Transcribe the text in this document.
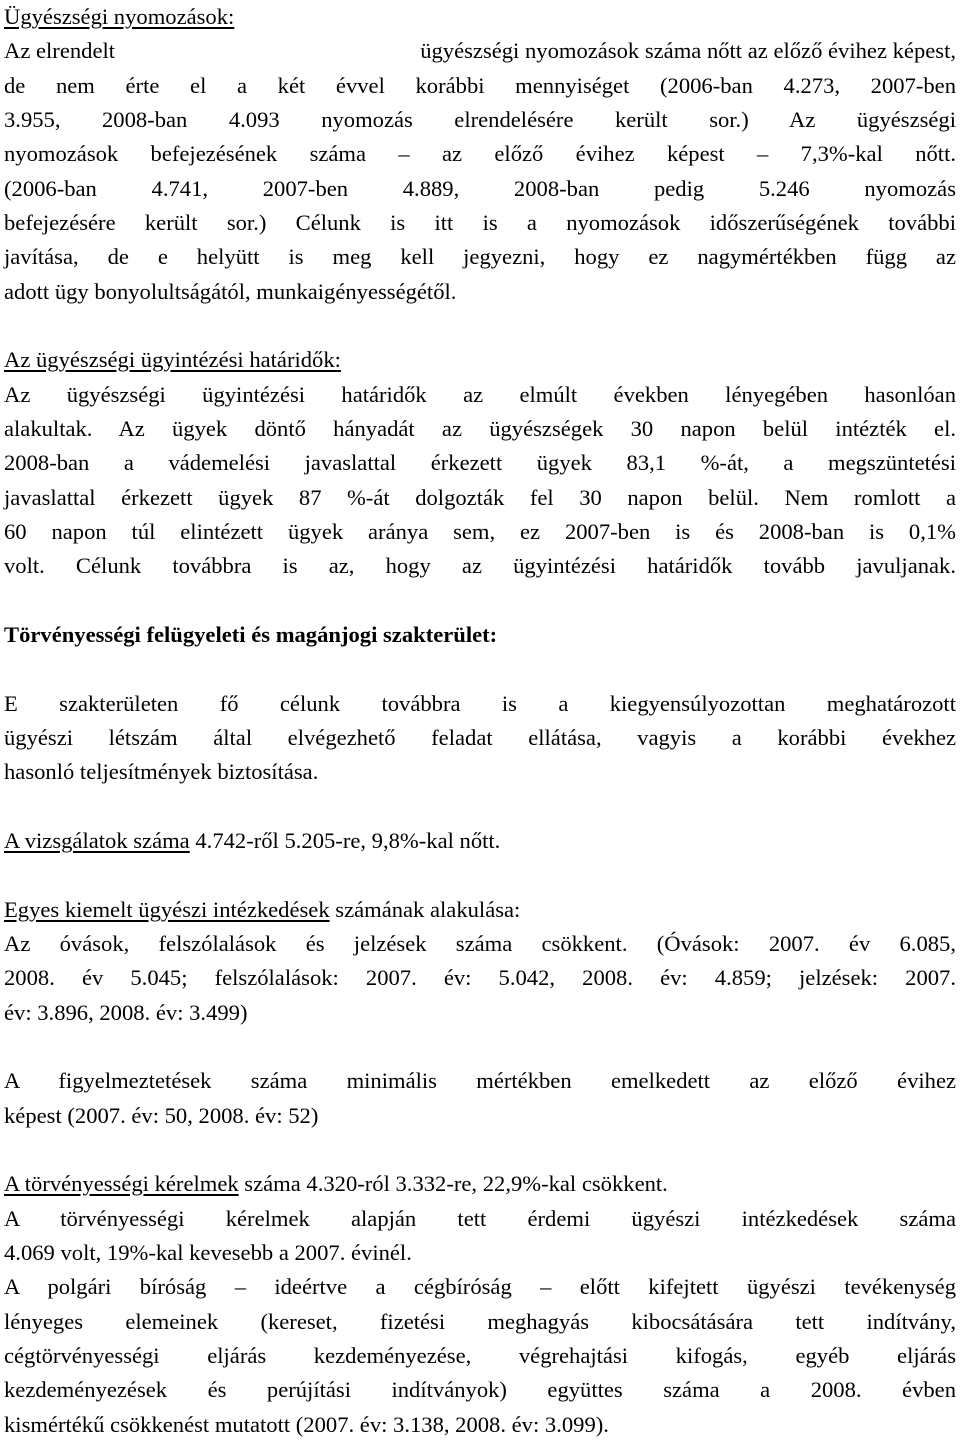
Ügyészségi nyomozások:
Az elrendelt	ügyészségi nyomozások száma nőtt az előző évihez képest,
de nem érte el a két évvel korábbi mennyiséget (2006-ban 4.273, 2007-ben
3.955, 2008-ban 4.093 nyomozás elrendelésére került sor.) Az ügyészségi
nyomozások befejezésének száma – az előző évihez képest – 7,3%-kal nőtt.
(2006-ban 4.741, 2007-ben 4.889, 2008-ban pedig 5.246 nyomozás
befejezésére került sor.) Célunk is itt is a nyomozások időszerűségének további
javítása, de e helyütt is meg kell jegyezni, hogy ez nagymértékben függ az
adott ügy bonyolultságától, munkaigényességétől.
Az ügyészségi ügyintézési határidők:
Az ügyészségi ügyintézési határidők az elmúlt években lényegében hasonlóan
alakultak. Az ügyek döntő hányadát az ügyészségek 30 napon belül intézték el.
2008-ban a vádemelési javaslattal érkezett ügyek 83,1 %-át, a megszüntetési
javaslattal érkezett ügyek 87 %-át dolgozták fel 30 napon belül. Nem romlott a
60 napon túl elintézett ügyek aránya sem, ez 2007-ben is és 2008-ban is 0,1%
volt. Célunk továbbra is az, hogy az ügyintézési határidők tovább javuljanak.
Törvényességi felügyeleti és magánjogi szakterület:
E szakterületen fő célunk továbbra is a kiegyensúlyozottan meghatározott
ügyészi létszám által elvégezhető feladat ellátása, vagyis a korábbi évekhez
hasonló teljesítmények biztosítása.
A vizsgálatok száma 4.742-ről 5.205-re, 9,8%-kal nőtt.
Egyes kiemelt ügyészi intézkedések számának alakulása:
Az óvások, felszólalások és jelzések száma csökkent. (Óvások: 2007. év 6.085,
2008. év 5.045; felszólalások: 2007. év: 5.042, 2008. év: 4.859; jelzések: 2007.
év: 3.896, 2008. év: 3.499)
A figyelmeztetések száma minimális mértékben emelkedett az előző évihez
képest (2007. év: 50, 2008. év: 52)
A törvényességi kérelmek száma 4.320-ról 3.332-re, 22,9%-kal csökkent.
A törvényességi kérelmek alapján tett érdemi ügyészi intézkedések száma
4.069 volt, 19%-kal kevesebb a 2007. évinél.
A polgári bíróság – ideértve a cégbíróság – előtt kifejtett ügyészi tevékenység
lényeges elemeinek (kereset, fizetési meghagyás kibocsátására tett indítvány,
cégtörvényességi eljárás kezdeményezése, végrehajtási kifogás, egyéb eljárás
kezdeményezések és perújítási indítványok) együttes száma a 2008. évben
kismértékű csökkenést mutatott (2007. év: 3.138, 2008. év: 3.099).
